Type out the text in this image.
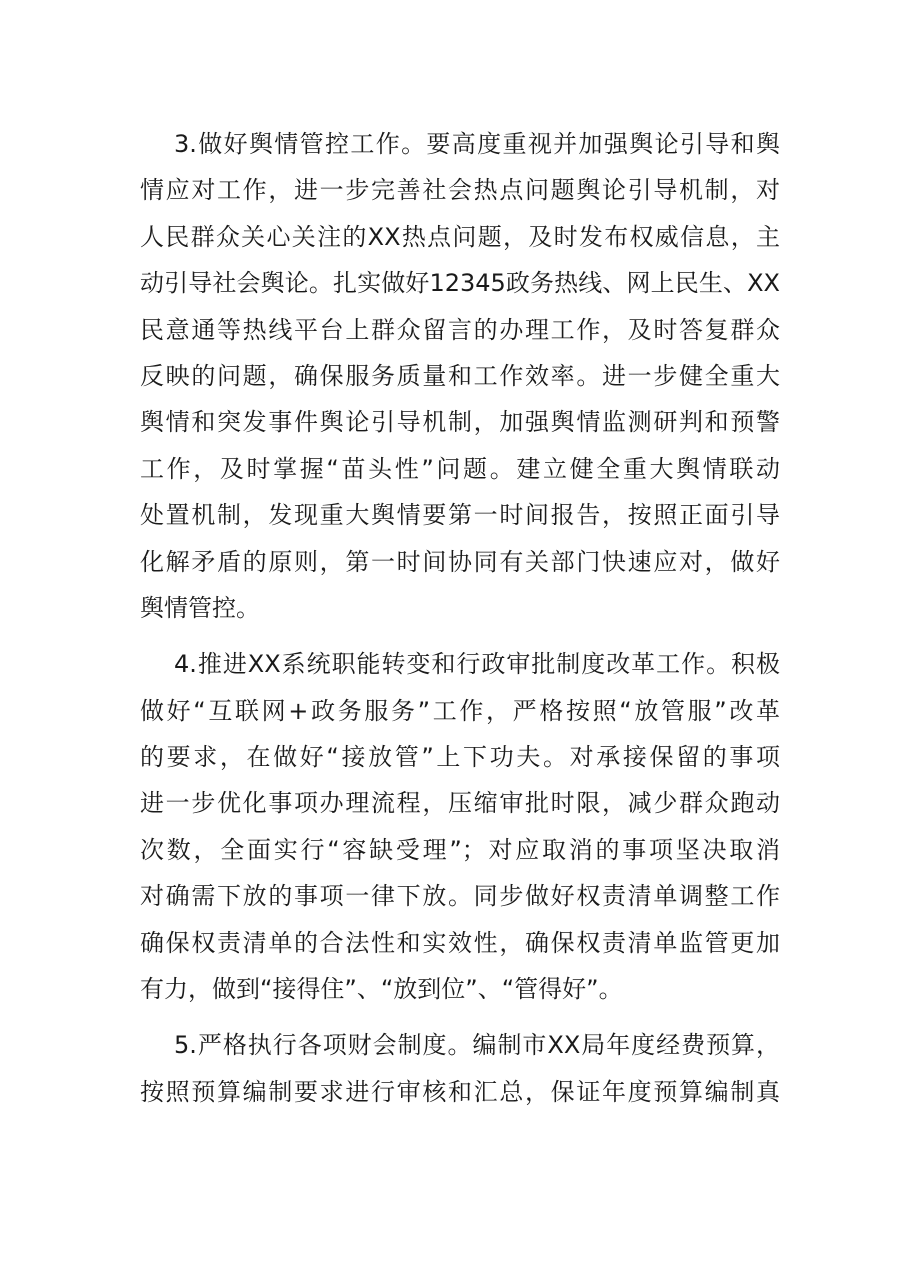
3.做好舆情管控工作。要高度重视并加强舆论引导和舆
情应对工作，进一步完善社会热点问题舆论引导机制，对
人民群众关心关注的XX热点问题，及时发布权威信息，主
动引导社会舆论。扎实做好12345政务热线、网上民生、XX
民意通等热线平台上群众留言的办理工作，及时答复群众
反映的问题，确保服务质量和工作效率。进一步健全重大
舆情和突发事件舆论引导机制，加强舆情监测研判和预警
工作，及时掌握“苗头性”问题。建立健全重大舆情联动
处置机制，发现重大舆情要第一时间报告，按照正面引导
化解矛盾的原则，第一时间协同有关部门快速应对，做好
舆情管控。
4.推进XX系统职能转变和行政审批制度改革工作。积极
做好“互联网+政务服务”工作，严格按照“放管服”改革
的要求，在做好“接放管”上下功夫。对承接保留的事项
进一步优化事项办理流程，压缩审批时限，减少群众跑动
次数，全面实行“容缺受理”；对应取消的事项坚决取消
对确需下放的事项一律下放。同步做好权责清单调整工作
确保权责清单的合法性和实效性，确保权责清单监管更加
有力，做到“接得住”、“放到位”、“管得好”。
5.严格执行各项财会制度。编制市XX局年度经费预算，
按照预算编制要求进行审核和汇总，保证年度预算编制真
